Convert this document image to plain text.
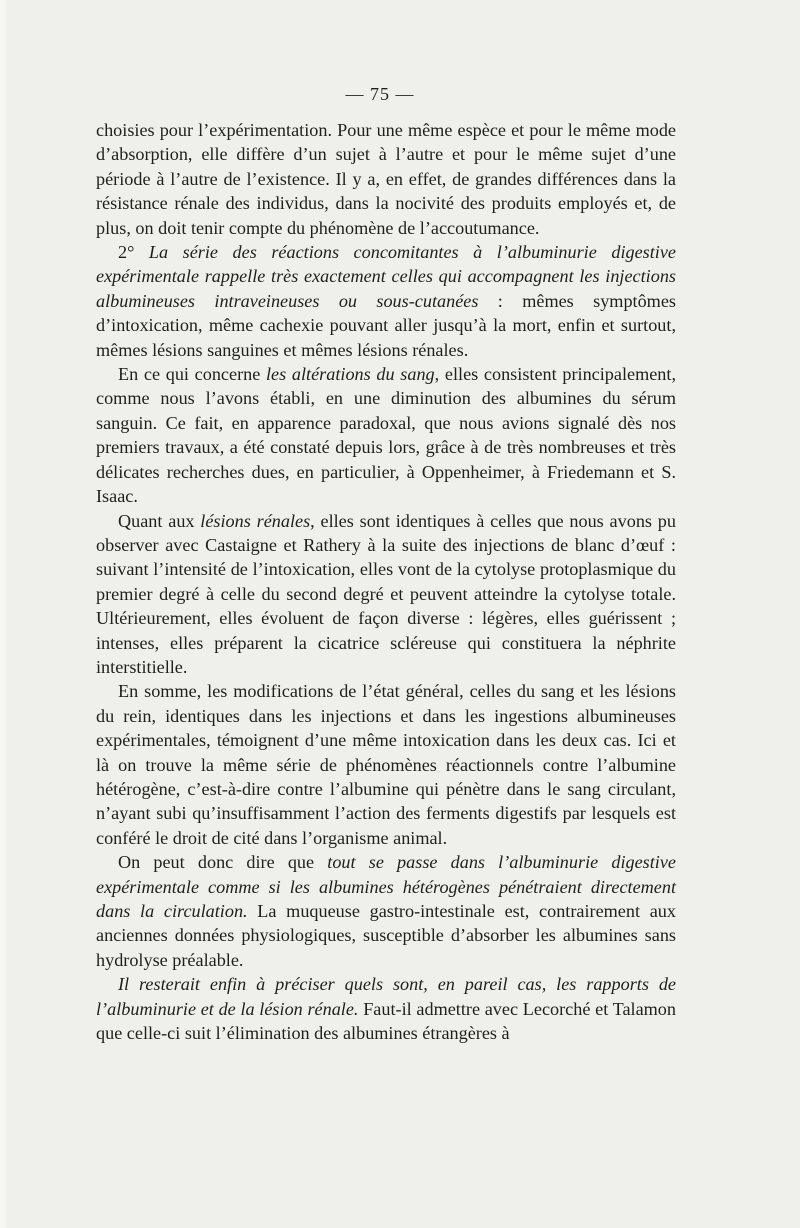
— 75 —

choisies pour l’expérimentation. Pour une même espèce et pour le même mode d’absorption, elle diffère d’un sujet à l’autre et pour le même sujet d’une période à l’autre de l’existence. Il y a, en effet, de grandes différences dans la résistance rénale des individus, dans la nocivité des produits employés et, de plus, on doit tenir compte du phénomène de l’accoutumance.

2° La série des réactions concomitantes à l’albuminurie digestive expérimentale rappelle très exactement celles qui accompagnent les injections albumineuses intraveineuses ou sous-cutanées : mêmes symptômes d’intoxication, même cachexie pouvant aller jusqu’à la mort, enfin et surtout, mêmes lésions sanguines et mêmes lésions rénales.

En ce qui concerne les altérations du sang, elles consistent principalement, comme nous l’avons établi, en une diminution des albumines du sérum sanguin. Ce fait, en apparence paradoxal, que nous avions signalé dès nos premiers travaux, a été constaté depuis lors, grâce à de très nombreuses et très délicates recherches dues, en particulier, à Oppenheimer, à Friedemann et S. Isaac.

Quant aux lésions rénales, elles sont identiques à celles que nous avons pu observer avec Castaigne et Rathery à la suite des injections de blanc d’œuf : suivant l’intensité de l’intoxication, elles vont de la cytolyse protoplasmique du premier degré à celle du second degré et peuvent atteindre la cytolyse totale. Ultérieurement, elles évoluent de façon diverse : légères, elles guérissent ; intenses, elles préparent la cicatrice scléreuse qui constituera la néphrite interstitielle.

En somme, les modifications de l’état général, celles du sang et les lésions du rein, identiques dans les injections et dans les ingestions albumineuses expérimentales, témoignent d’une même intoxication dans les deux cas. Ici et là on trouve la même série de phénomènes réactionnels contre l’albumine hétérogène, c’est-à-dire contre l’albumine qui pénètre dans le sang circulant, n’ayant subi qu’insuffisamment l’action des ferments digestifs par lesquels est conféré le droit de cité dans l’organisme animal.

On peut donc dire que tout se passe dans l’albuminurie digestive expérimentale comme si les albumines hétérogènes pénétraient directement dans la circulation. La muqueuse gastro-intestinale est, contrairement aux anciennes données physiologiques, susceptible d’absorber les albumines sans hydrolyse préalable.

Il resterait enfin à préciser quels sont, en pareil cas, les rapports de l’albuminurie et de la lésion rénale. Faut-il admettre avec Lecorché et Talamon que celle-ci suit l’élimination des albumines étrangères à
